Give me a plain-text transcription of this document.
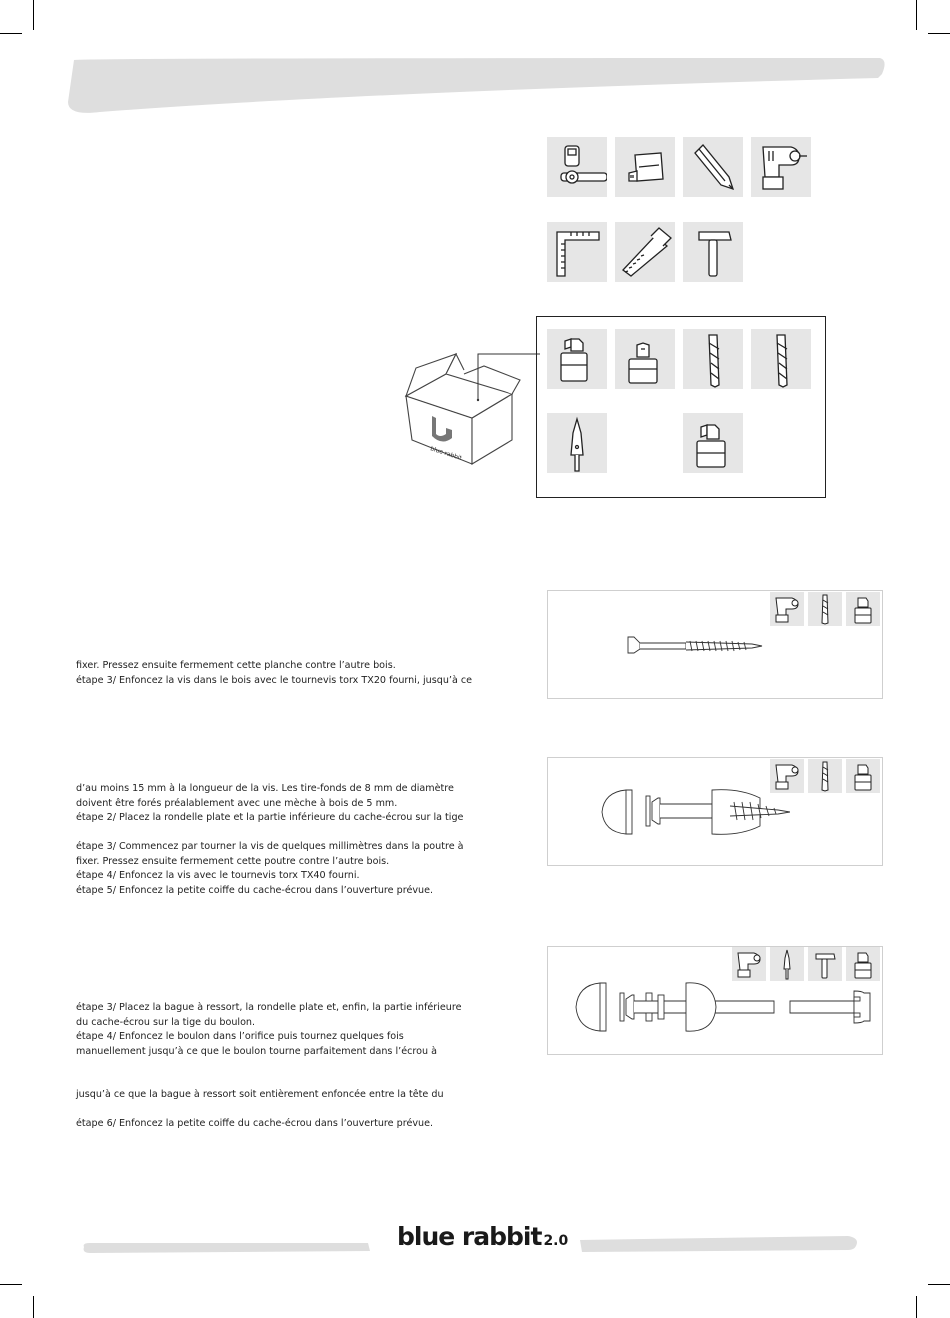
blue rabbit
fixer. Pressez ensuite fermement cette planche contre l’autre bois.
étape 3/ Enfoncez la vis dans le bois avec le tournevis torx TX20 fourni, jusqu’à ce
d’au moins 15 mm à la longueur de la vis. Les tire-fonds de 8 mm de diamètre
doivent être forés préalablement avec une mèche à bois de 5 mm.
étape 2/ Placez la rondelle plate et la partie inférieure du cache-écrou sur la tige
étape 3/ Commencez par tourner la vis de quelques millimètres dans la poutre à
fixer. Pressez ensuite fermement cette poutre contre l’autre bois.
étape 4/ Enfoncez la vis avec le tournevis torx TX40 fourni.
étape 5/ Enfoncez la petite coiffe du cache-écrou dans l’ouverture prévue.
étape 3/ Placez la bague à ressort, la rondelle plate et, enfin, la partie inférieure
du cache-écrou sur la tige du boulon.
étape 4/ Enfoncez le boulon dans l’orifice puis tournez quelques fois
manuellement jusqu’à ce que le boulon tourne parfaitement dans l’écrou à
jusqu’à ce que la bague à ressort soit entièrement enfoncée entre la tête du
étape 6/ Enfoncez la petite coiffe du cache-écrou dans l’ouverture prévue.
blue rabbit 2.0
